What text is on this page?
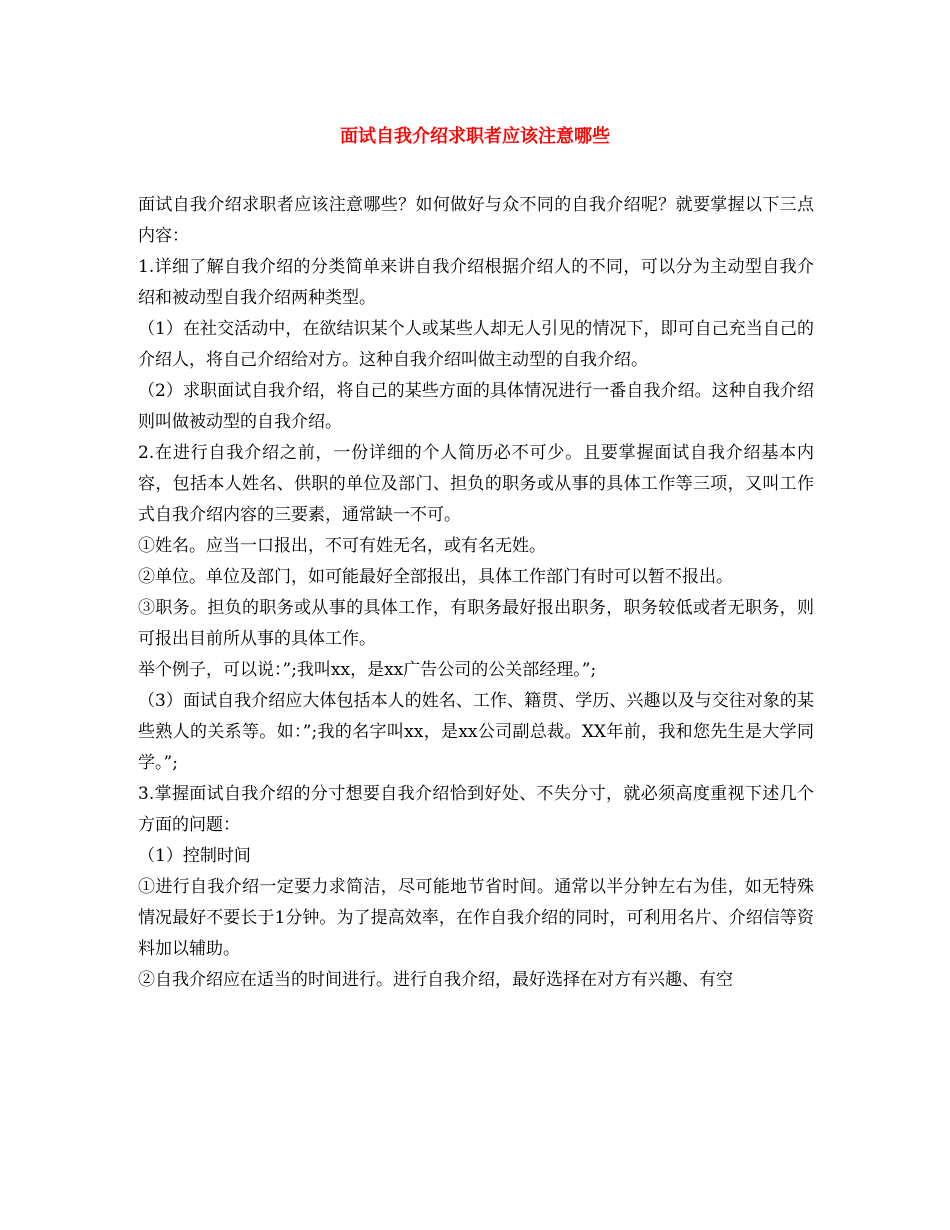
面试自我介绍求职者应该注意哪些

面试自我介绍求职者应该注意哪些？如何做好与众不同的自我介绍呢？就要掌握以下三点内容：

1.详细了解自我介绍的分类简单来讲自我介绍根据介绍人的不同，可以分为主动型自我介绍和被动型自我介绍两种类型。

（1）在社交活动中，在欲结识某个人或某些人却无人引见的情况下，即可自己充当自己的介绍人，将自己介绍给对方。这种自我介绍叫做主动型的自我介绍。

（2）求职面试自我介绍，将自己的某些方面的具体情况进行一番自我介绍。这种自我介绍则叫做被动型的自我介绍。

2.在进行自我介绍之前，一份详细的个人简历必不可少。且要掌握面试自我介绍基本内容，包括本人姓名、供职的单位及部门、担负的职务或从事的具体工作等三项，又叫工作式自我介绍内容的三要素，通常缺一不可。

①姓名。应当一口报出，不可有姓无名，或有名无姓。

②单位。单位及部门，如可能最好全部报出，具体工作部门有时可以暂不报出。

③职务。担负的职务或从事的具体工作，有职务最好报出职务，职务较低或者无职务，则可报出目前所从事的具体工作。

举个例子，可以说：”;我叫xx，是xx广告公司的公关部经理。”;

（3）面试自我介绍应大体包括本人的姓名、工作、籍贯、学历、兴趣以及与交往对象的某些熟人的关系等。如：”;我的名字叫xx，是xx公司副总裁。XX年前，我和您先生是大学同学。”;

3.掌握面试自我介绍的分寸想要自我介绍恰到好处、不失分寸，就必须高度重视下述几个方面的问题：

（1）控制时间

①进行自我介绍一定要力求简洁，尽可能地节省时间。通常以半分钟左右为佳，如无特殊情况最好不要长于1分钟。为了提高效率，在作自我介绍的同时，可利用名片、介绍信等资料加以辅助。

②自我介绍应在适当的时间进行。进行自我介绍，最好选择在对方有兴趣、有空
